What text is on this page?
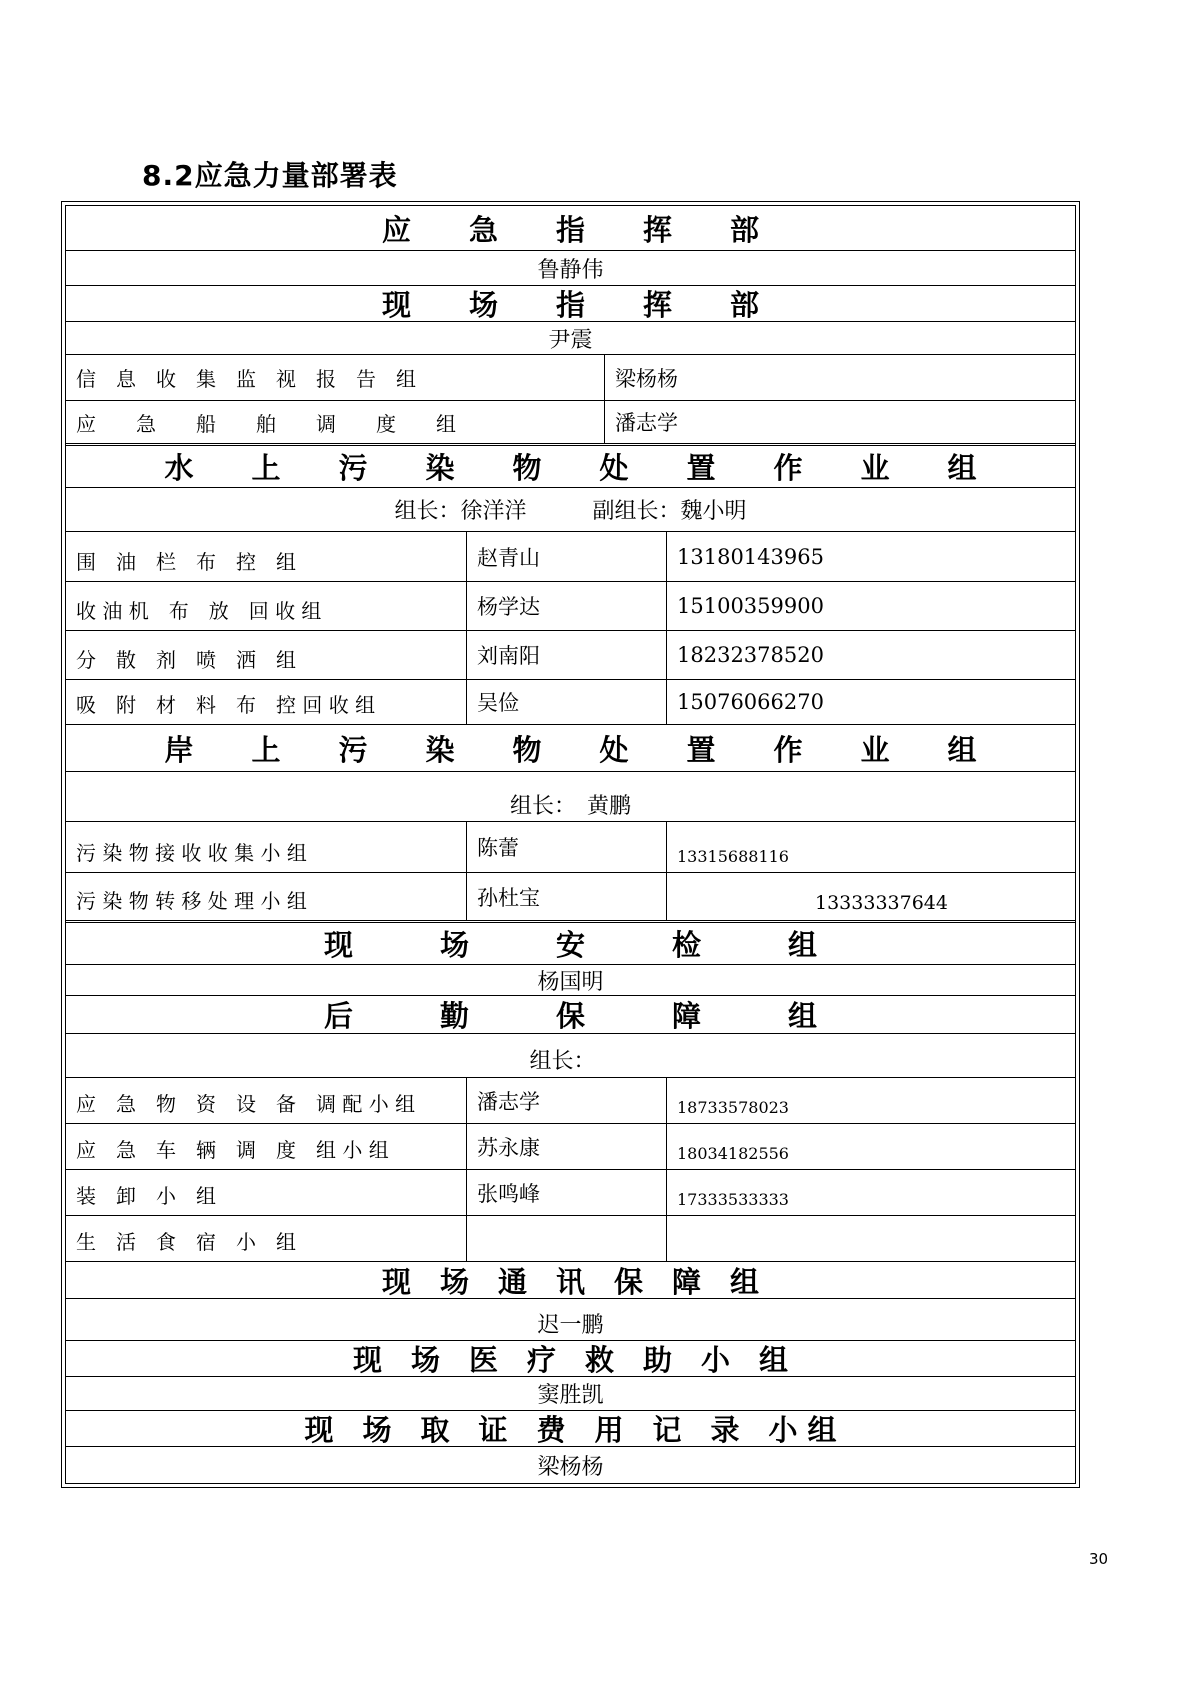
8.2应急力量部署表
应　　急　　指　　挥　　部
鲁静伟
现　　场　　指　　挥　　部
尹震
信　息　收　集　监　视　报　告　组	梁杨杨
应　　急　　船　　舶　　调　　度　　组	潘志学
水　　上　　污　　染　　物　　处　　置　　作　　业　　组
组长：徐洋洋　　　副组长：魏小明
围　油　栏　布　控　组	赵青山	13180143965
收 油 机　布　放　回 收 组	杨学达	15100359900
分　散　剂　喷　洒　组	刘南阳	18232378520
吸　附　材　料　布　控 回 收 组	吴俭	15076066270
岸　　上　　污　　染　　物　　处　　置　　作　　业　　组
组长：　黄鹏
污 染 物 接 收 收 集 小 组	陈蕾	13315688116
污 染 物 转 移 处 理 小 组	孙杜宝	13333337644
现　　　场　　　安　　　检　　　组
杨国明
后　　　勤　　　保　　　障　　　组
组长：
应　急　物　资　设　备　调 配 小 组	潘志学	18733578023
应　急　车　辆　调　度　组 小 组	苏永康	18034182556
装　卸　小　组	张鸣峰	17333533333
生　活　食　宿　小　组
现　场　通　讯　保　障　组
迟一鹏
现　场　医　疗　救　助　小　组
窦胜凯
现　场　取　证　费　用　记　录　小 组
梁杨杨
30
